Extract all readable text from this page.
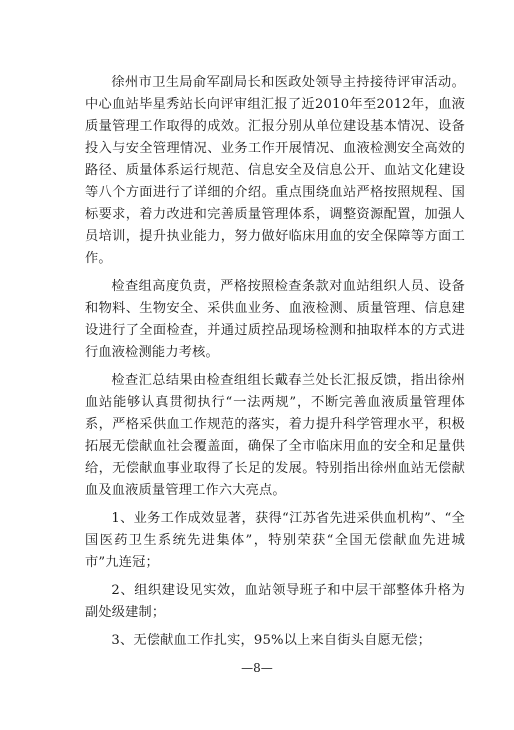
徐州市卫生局俞军副局长和医政处领导主持接待评审活动。中心血站毕星秀站长向评审组汇报了近2010年至2012年，血液质量管理工作取得的成效。汇报分别从单位建设基本情况、设备投入与安全管理情况、业务工作开展情况、血液检测安全高效的路径、质量体系运行规范、信息安全及信息公开、血站文化建设等八个方面进行了详细的介绍。重点围绕血站严格按照规程、国标要求，着力改进和完善质量管理体系，调整资源配置，加强人员培训，提升执业能力，努力做好临床用血的安全保障等方面工作。

检查组高度负责，严格按照检查条款对血站组织人员、设备和物料、生物安全、采供血业务、血液检测、质量管理、信息建设进行了全面检查，并通过质控品现场检测和抽取样本的方式进行血液检测能力考核。

检查汇总结果由检查组组长戴春兰处长汇报反馈，指出徐州血站能够认真贯彻执行“一法两规”，不断完善血液质量管理体系，严格采供血工作规范的落实，着力提升科学管理水平，积极拓展无偿献血社会覆盖面，确保了全市临床用血的安全和足量供给，无偿献血事业取得了长足的发展。特别指出徐州血站无偿献血及血液质量管理工作六大亮点。

1、业务工作成效显著，获得“江苏省先进采供血机构”、“全国医药卫生系统先进集体”，特别荣获“全国无偿献血先进城市”九连冠；

2、组织建设见实效，血站领导班子和中层干部整体升格为副处级建制；

3、无偿献血工作扎实，95%以上来自街头自愿无偿；

—8—
